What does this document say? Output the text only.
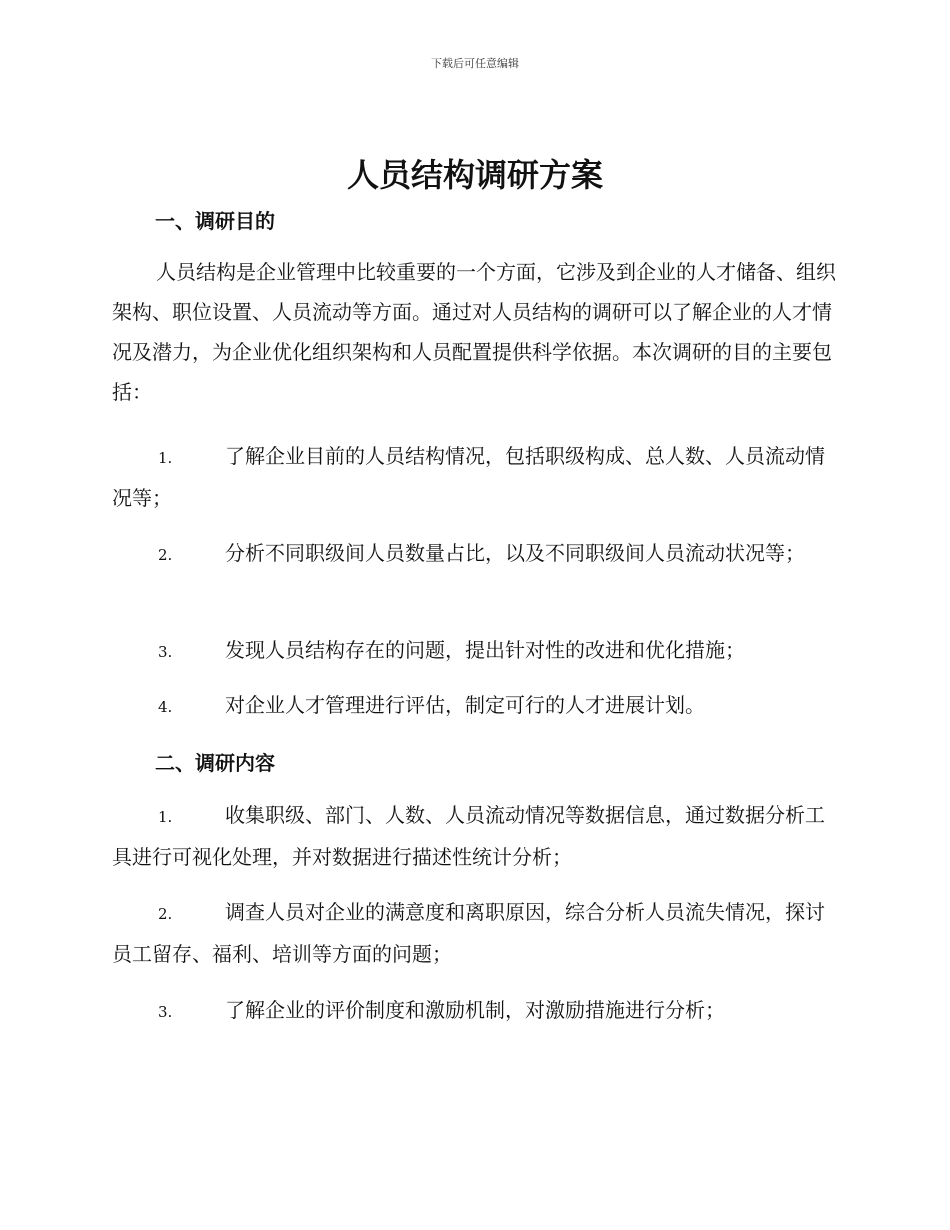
下载后可任意编辑
人员结构调研方案
一、调研目的

人员结构是企业管理中比较重要的一个方面，它涉及到企业的人才储备、组织架构、职位设置、人员流动等方面。通过对人员结构的调研可以了解企业的人才情况及潜力，为企业优化组织架构和人员配置提供科学依据。本次调研的目的主要包括：

1.	了解企业目前的人员结构情况，包括职级构成、总人数、人员流动情况等；

2.	分析不同职级间人员数量占比，以及不同职级间人员流动状况等；

3.	发现人员结构存在的问题，提出针对性的改进和优化措施；

4.	对企业人才管理进行评估，制定可行的人才进展计划。

二、调研内容

1.	收集职级、部门、人数、人员流动情况等数据信息，通过数据分析工具进行可视化处理，并对数据进行描述性统计分析；

2.	调查人员对企业的满意度和离职原因，综合分析人员流失情况，探讨员工留存、福利、培训等方面的问题；

3.	了解企业的评价制度和激励机制，对激励措施进行分析；
